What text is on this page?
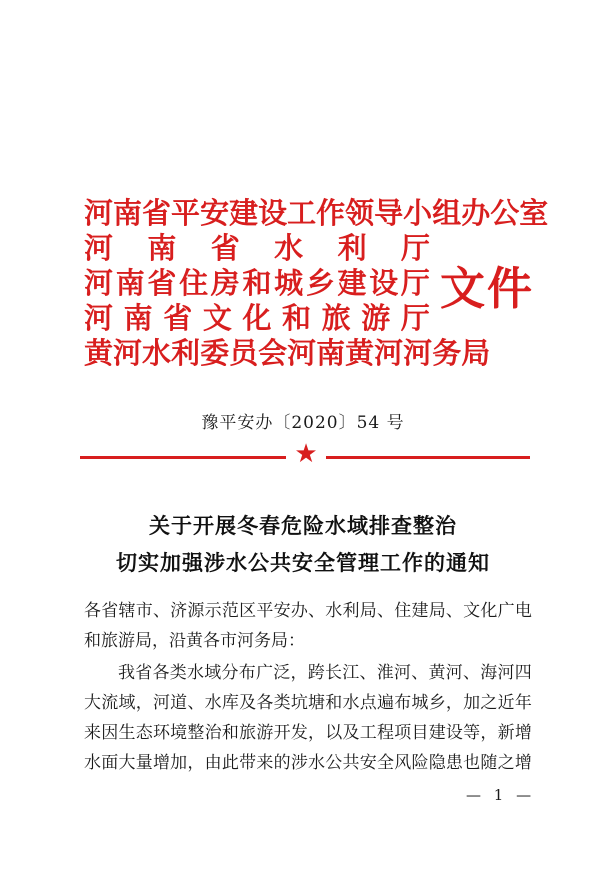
河 南 省 平 安 建 设 工 作 领 导 小 组 办 公 室
河 南 省 水 利 厅
河 南 省 住 房 和 城 乡 建 设 厅
河 南 省 文 化 和 旅 游 厅
黄 河 水 利 委 员 会 河 南 黄 河 河 务 局
文件
豫平安办〔2020〕54 号
★
关于开展冬春危险水域排查整治
切实加强涉水公共安全管理工作的通知
各 省 辖 市 、 济 源 示 范 区 平 安 办 、 水 利 局 、 住 建 局 、 文 化 广 电
和旅游局，沿黄各市河务局：
我 省 各 类 水 域 分 布 广 泛 ， 跨 长 江 、 淮 河 、 黄 河 、 海 河 四
大 流 域 ， 河 道 、 水 库 及 各 类 坑 塘 和 水 点 遍 布 城 乡 ， 加 之 近 年
来 因 生 态 环 境 整 治 和 旅 游 开 发 ， 以 及 工 程 项 目 建 设 等 ， 新 增
水 面 大 量 增 加 ， 由 此 带 来 的 涉 水 公 共 安 全 风 险 隐 患 也 随 之 增
— 1 —
